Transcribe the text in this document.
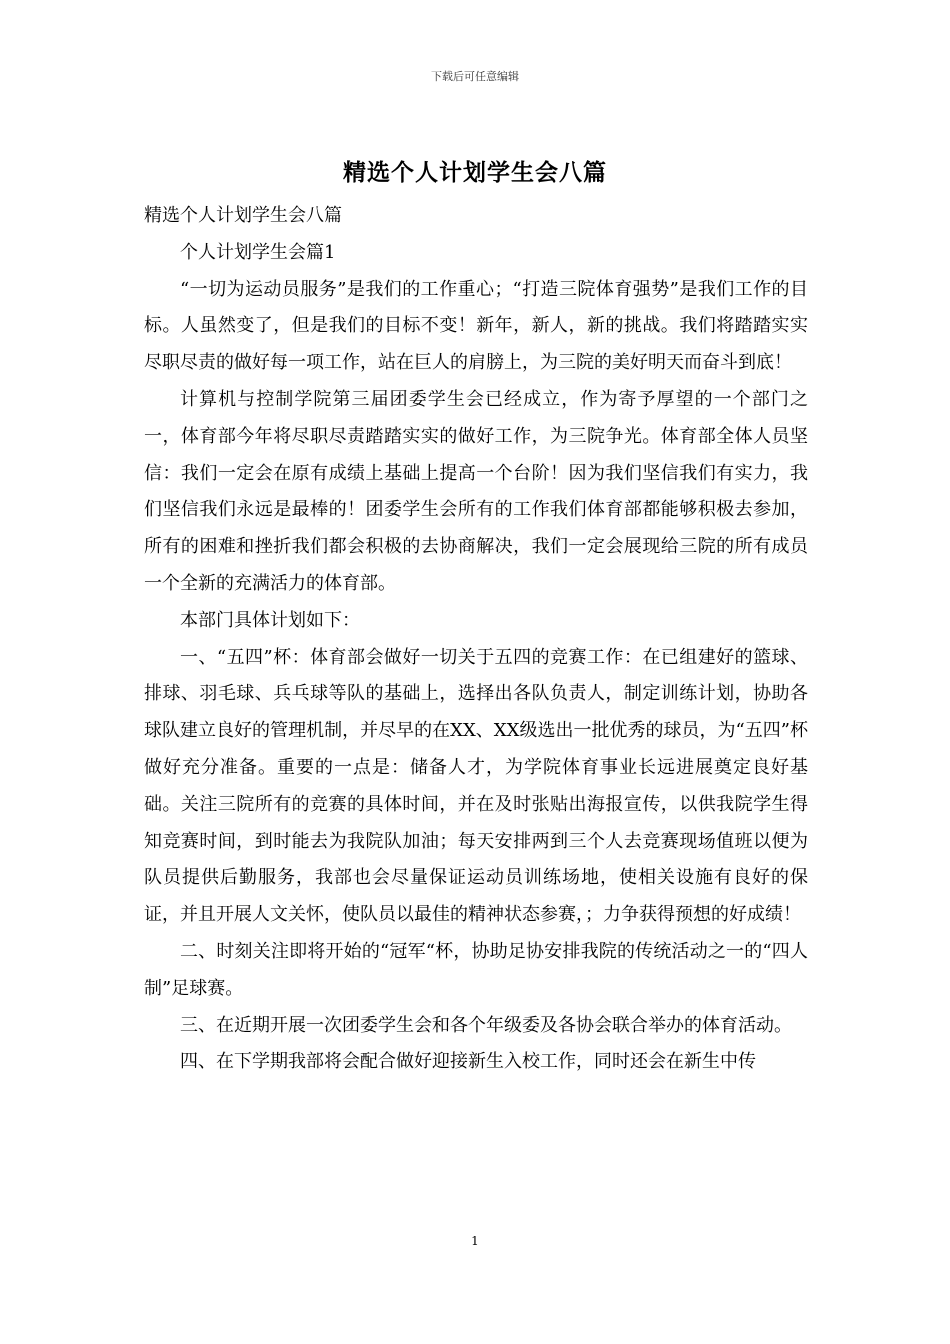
下载后可任意编辑
精选个人计划学生会八篇

精选个人计划学生会八篇

个人计划学生会篇1

“一切为运动员服务”是我们的工作重心；“打造三院体育强势”是我们工作的目标。人虽然变了，但是我们的目标不变！新年，新人，新的挑战。我们将踏踏实实尽职尽责的做好每一项工作，站在巨人的肩膀上，为三院的美好明天而奋斗到底！

计算机与控制学院第三届团委学生会已经成立，作为寄予厚望的一个部门之一，体育部今年将尽职尽责踏踏实实的做好工作，为三院争光。体育部全体人员坚信：我们一定会在原有成绩上基础上提高一个台阶！因为我们坚信我们有实力，我们坚信我们永远是最棒的！团委学生会所有的工作我们体育部都能够积极去参加，所有的困难和挫折我们都会积极的去协商解决，我们一定会展现给三院的所有成员一个全新的充满活力的体育部。

本部门具体计划如下：

一、“五四”杯：体育部会做好一切关于五四的竞赛工作：在已组建好的篮球、排球、羽毛球、兵乓球等队的基础上，选择出各队负责人，制定训练计划，协助各球队建立良好的管理机制，并尽早的在XX、XX级选出一批优秀的球员，为“五四”杯做好充分准备。重要的一点是：储备人才，为学院体育事业长远进展奠定良好基础。关注三院所有的竞赛的具体时间，并在及时张贴出海报宣传，以供我院学生得知竞赛时间，到时能去为我院队加油；每天安排两到三个人去竞赛现场值班以便为队员提供后勤服务，我部也会尽量保证运动员训练场地，使相关设施有良好的保证，并且开展人文关怀，使队员以最佳的精神状态参赛，；力争获得预想的好成绩！

二、时刻关注即将开始的“冠军“杯，协助足协安排我院的传统活动之一的“四人制”足球赛。

三、在近期开展一次团委学生会和各个年级委及各协会联合举办的体育活动。

四、在下学期我部将会配合做好迎接新生入校工作，同时还会在新生中传

1
